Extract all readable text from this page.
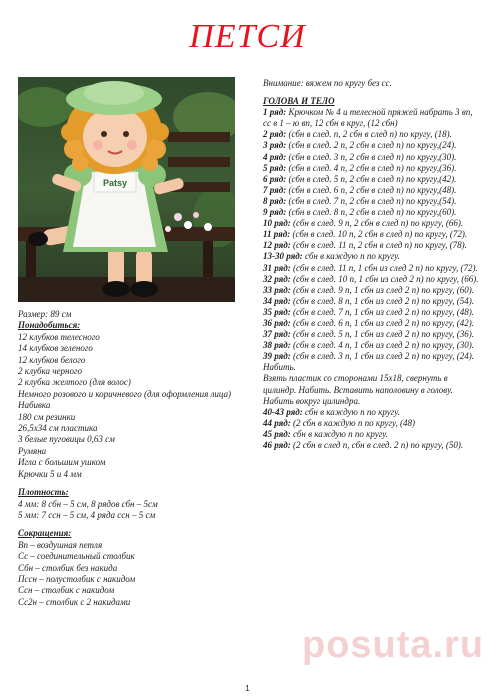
ПЕТСИ
Patsy

Размер: 89 см

Понадобиться:

12 клубков телесного

14 клубков зеленого

12 клубков белого

2 клубка черного

2 клубка желтого (для волос)

Немного розового и коричневого (для оформления лица)

Набивка

180 см резинки

26,5х34 см пластика

3 белые пуговицы 0,63 см

Румяна

Игла с большим ушком

Крючки 5 и 4 мм

Плотность:

4 мм: 8 сбн – 5 см, 8 рядов сбн – 5см

5 мм: 7 ссн – 5 см, 4 ряда ссн – 5 см

Сокращения:

Вп – воздушная петля

Сс – соединительный столбик

Сбн – столбик без накида

Пссн – полустолбик с накидом

Ссн – столбик с накидом

Сс2н – столбик с 2 накидами

Внимание: вяжем по кругу без сс.

ГОЛОВА И ТЕЛО

1 ряд: Крючком № 4 и телесной пряжей набрать 3 вп, сс в 1 – ю вп, 12 сбн в круг, (12 сбн)

2 ряд: (сбн в след. п, 2 сбн в след п) по кругу, (18).

3 ряд: (сбн в след. 2 п, 2 сбн в след п) по кругу,(24).

4 ряд: (сбн в след. 3 п, 2 сбн в след п) по кругу,(30).

5 ряд: (сбн в след. 4 п, 2 сбн в след п) по кругу,(36).

6 ряд: (сбн в след. 5 п, 2 сбн в след п) по кругу,(42).

7 ряд: (сбн в след. 6 п, 2 сбн в след п) по кругу,(48).

8 ряд: (сбн в след. 7 п, 2 сбн в след п) по кругу,(54).

9 ряд: (сбн в след. 8 п, 2 сбн в след п) по кругу,(60).

10 ряд: (сбн в след. 9 п, 2 сбн в след п) по кругу, (66).

11 ряд: (сбн в след. 10 п, 2 сбн в след п) по кругу, (72).

12 ряд: (сбн в след. 11 п, 2 сбн в след п) по кругу, (78).

13-30 ряд: сбн в каждую п по кругу.

31 ряд: (сбн в след. 11 п, 1 сбн из след 2 п) по кругу, (72).

32 ряд: (сбн в след. 10 п, 1 сбн из след 2 п) по кругу, (66).

33 ряд: (сбн в след. 9 п, 1 сбн из след 2 п) по кругу, (60).

34 ряд: (сбн в след. 8 п, 1 сбн из след 2 п) по кругу, (54).

35 ряд: (сбн в след. 7 п, 1 сбн из след 2 п) по кругу, (48).

36 ряд: (сбн в след. 6 п, 1 сбн из след 2 п) по кругу, (42).

37 ряд: (сбн в след. 5 п, 1 сбн из след 2 п) по кругу, (36).

38 ряд: (сбн в след. 4 п, 1 сбн из след 2 п) по кругу, (30).

39 ряд: (сбн в след. 3 п, 1 сбн из след 2 п) по кругу, (24). Набить.

Взять пластик со сторонами 15х18, свернуть в цилиндр. Набить. Вставить наполовину в голову. Набить вокруг цилиндра.

40-43 ряд: сбн в каждую п по кругу.

44 ряд: (2 сбн в каждую п по кругу, (48)

45 ряд: сбн в каждую п по кругу.

46 ряд: (2 сбн в след п, сбн в след. 2 п) по кругу, (50).

posuta.ru
1
